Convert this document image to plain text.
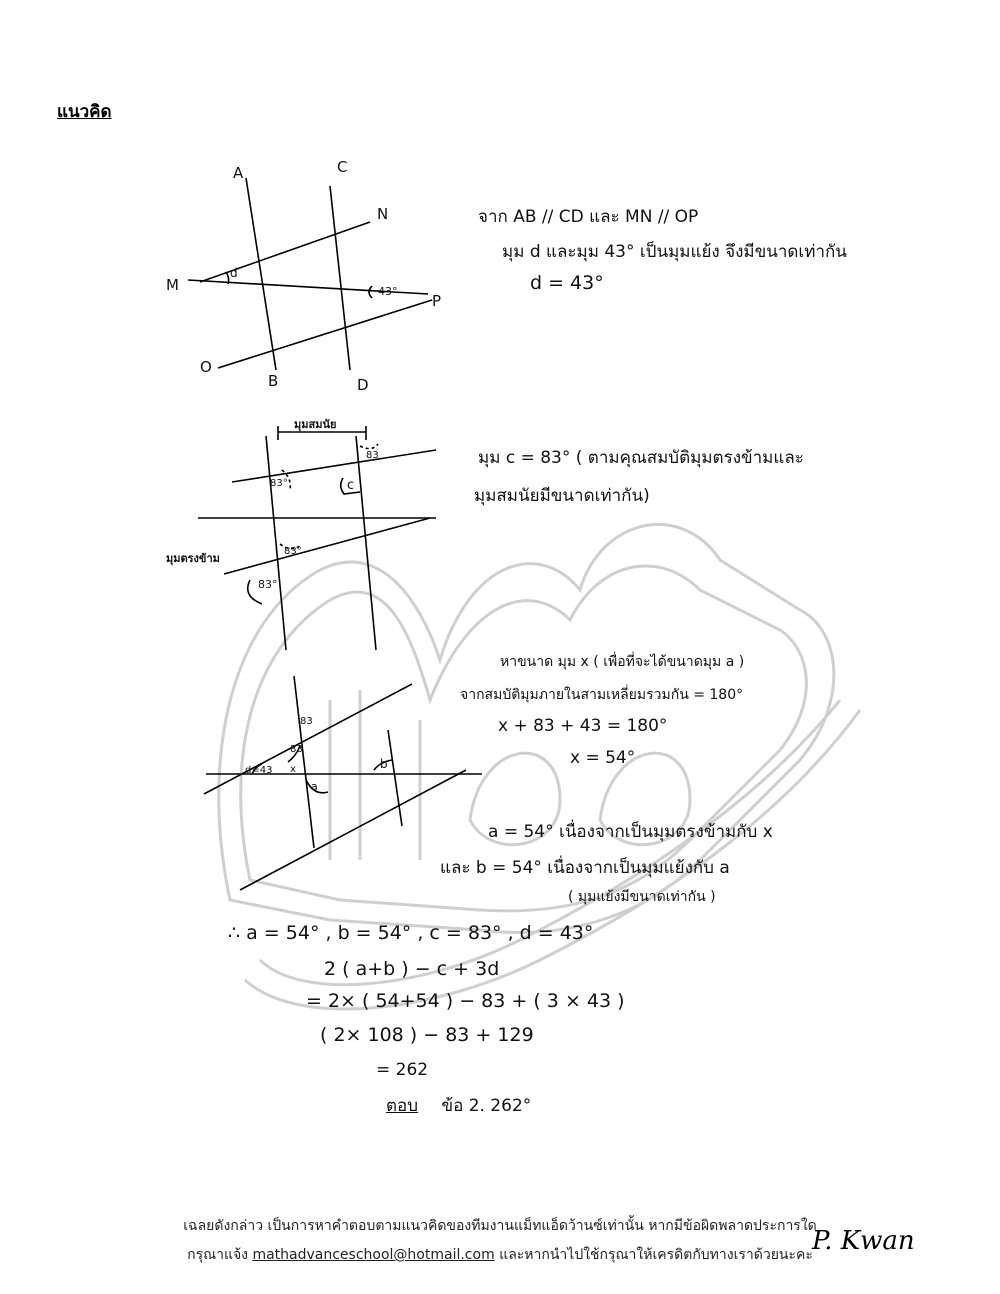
แนวคิด
A
B
C
D
M
N
O
P
d
43°
จาก AB // CD และ MN // OP
มุม d และมุม 43° เป็นมุมแย้ง จึงมีขนาดเท่ากัน
d = 43°
มุมสมนัย
83
83°	c
83°
มุมตรงข้าม
83°
มุม c = 83° ( ตามคุณสมบัติมุมตรงข้ามและ
มุมสมนัยมีขนาดเท่ากัน)
หาขนาด มุม x ( เพื่อที่จะได้ขนาดมุม a )
จากสมบัติมุมภายในสามเหลี่ยมรวมกัน = 180°
x + 83 + 43 = 180°
x = 54°
83
83
d=43 x
a
b
a = 54° เนื่องจากเป็นมุมตรงข้ามกับ x
และ b = 54° เนื่องจากเป็นมุมแย้งกับ a
( มุมแย้งมีขนาดเท่ากัน )
∴ a = 54° , b = 54° , c = 83° , d = 43°
2 ( a+b ) − c + 3d
= 2× ( 54+54 ) − 83 + ( 3 × 43 )
( 2× 108 ) − 83 + 129
= 262
ตอบ ข้อ 2. 262°
เฉลยดังกล่าว เป็นการหาคำตอบตามแนวคิดของทีมงานแม็ทแอ็ดว้านซ์เท่านั้น หากมีข้อผิดพลาดประการใด
กรุณาแจ้ง mathadvanceschool@hotmail.com และหากนำไปใช้กรุณาให้เครดิตกับทางเราด้วยนะคะ P. Kwan
